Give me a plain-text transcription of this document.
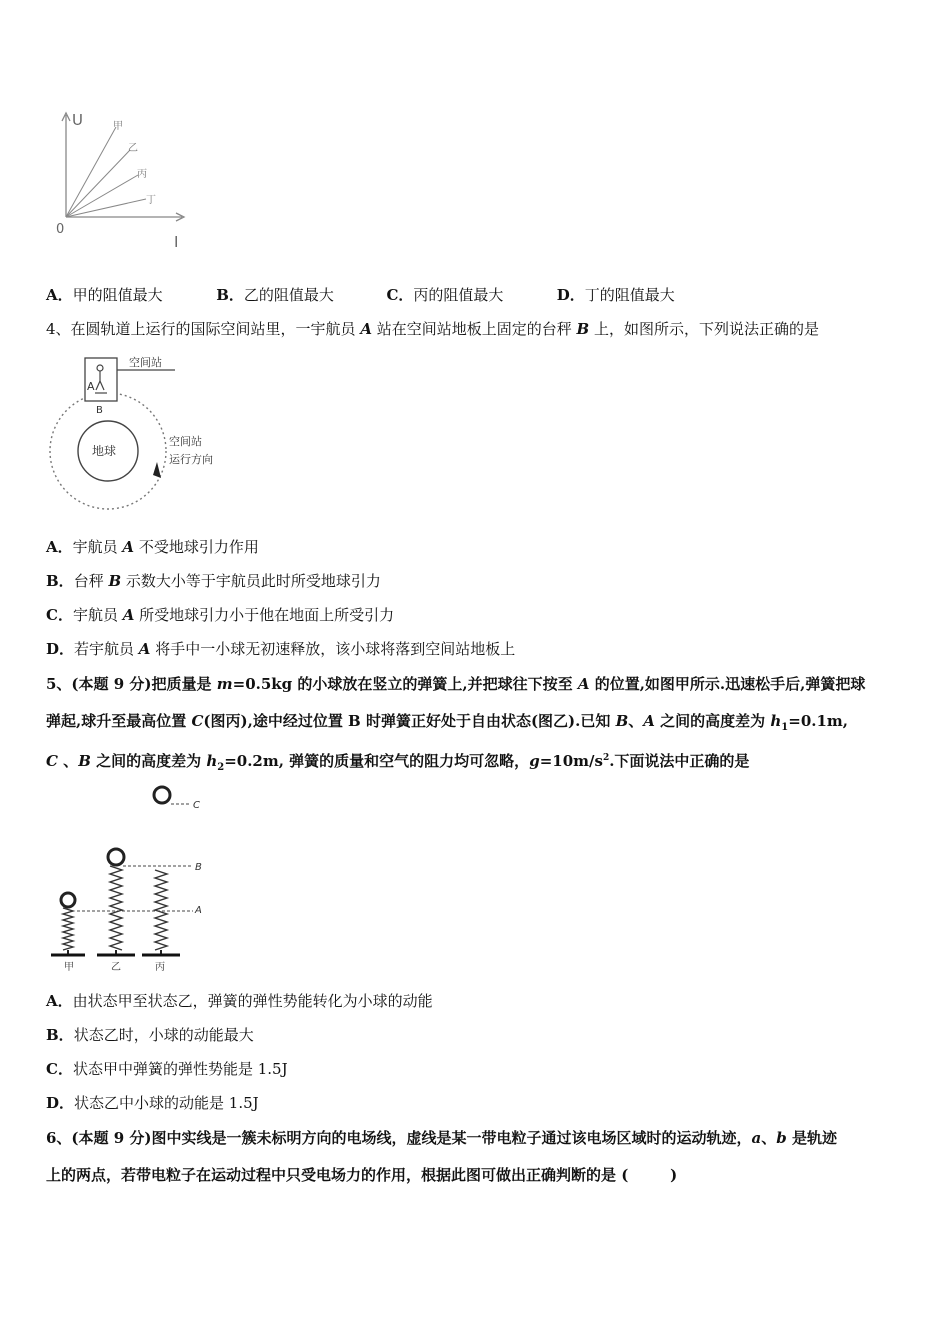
U
I
0
甲
乙
丙
丁
A．甲的阻值最大	B．乙的阻值最大	C．丙的阻值最大	D．丁的阻值最大
4、在圆轨道上运行的国际空间站里，一宇航员 A 站在空间站地板上固定的台秤 B 上，如图所示，下列说法正确的是
地球
A
空间站
B
空间站
运行方向
A．宇航员 A 不受地球引力作用
B．台秤 B 示数大小等于宇航员此时所受地球引力
C．宇航员 A 所受地球引力小于他在地面上所受引力
D．若宇航员 A 将手中一小球无初速释放，该小球将落到空间站地板上
5、(本题 9 分)把质量是 m=0.5kg 的小球放在竖立的弹簧上,并把球往下按至 A 的位置,如图甲所示.迅速松手后,弹簧把球
弹起,球升至最高位置 C(图丙),途中经过位置 B 时弹簧正好处于自由状态(图乙).已知 B、A 之间的高度差为 $h_1=0.1m$,
C 、B 之间的高度差为 $h_2=0.2m$, 弹簧的质量和空气的阻力均可忽略，$g=10m/s^2$.下面说法中正确的是
C
B
A
甲	乙	丙
A．由状态甲至状态乙，弹簧的弹性势能转化为小球的动能
B．状态乙时，小球的动能最大
C．状态甲中弹簧的弹性势能是 1.5J
D．状态乙中小球的动能是 1.5J
6、(本题 9 分)图中实线是一簇未标明方向的电场线，虚线是某一带电粒子通过该电场区域时的运动轨迹，a、b 是轨迹
上的两点，若带电粒子在运动过程中只受电场力的作用，根据此图可做出正确判断的是 (	)
